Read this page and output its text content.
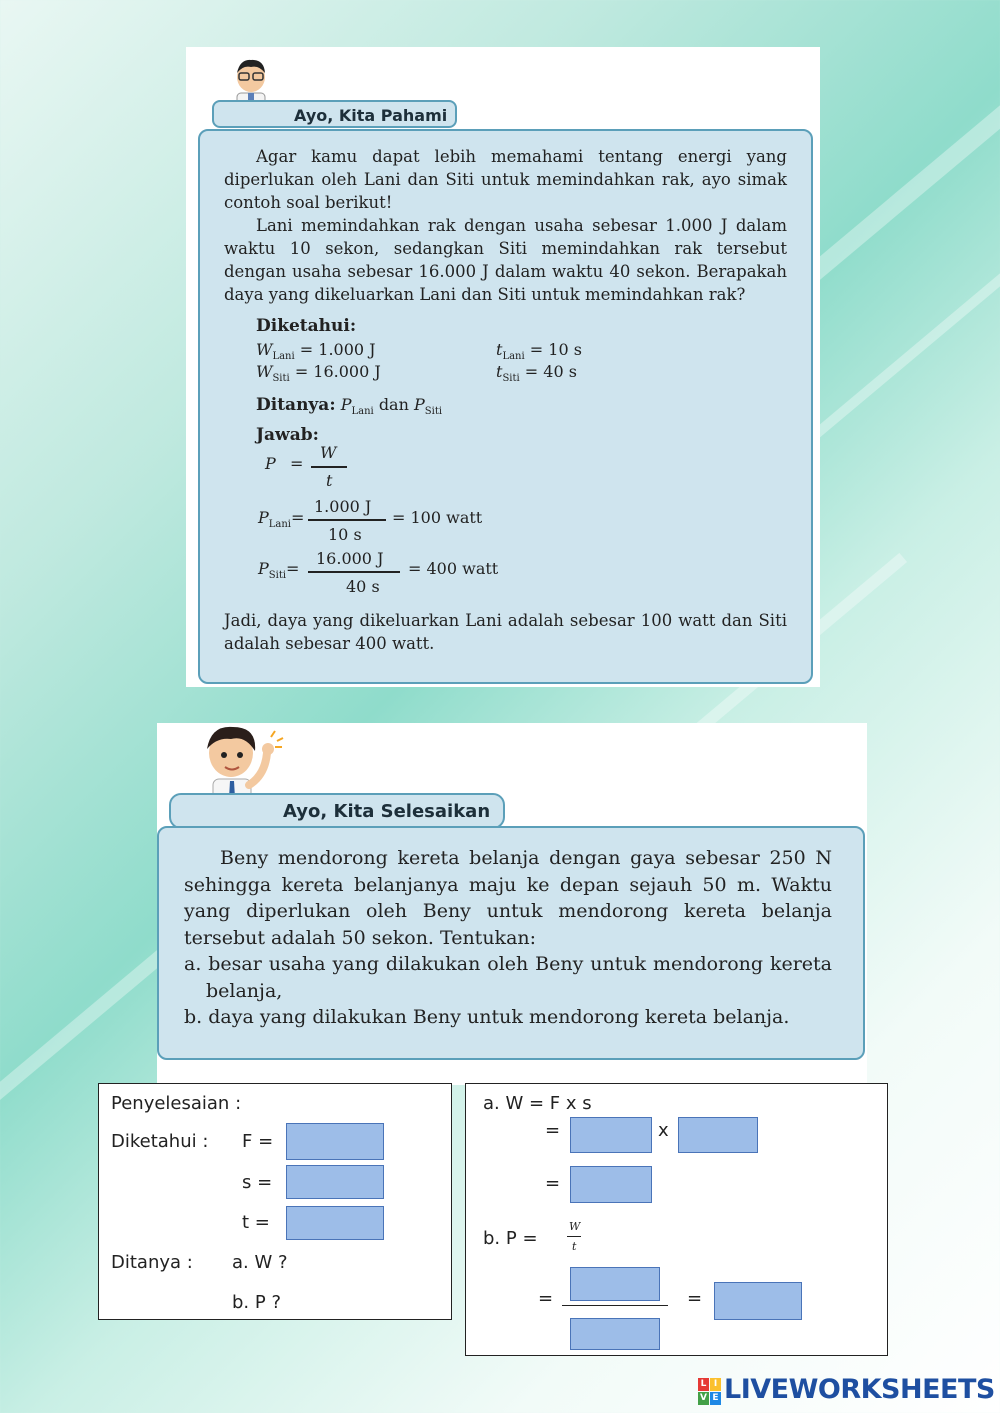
Ayo, Kita Pahami
Agar kamu dapat lebih memahami tentang energi yang diperlukan oleh Lani dan Siti untuk memindahkan rak, ayo simak contoh soal berikut!
Lani memindahkan rak dengan usaha sebesar 1.000 J dalam waktu 10 sekon, sedangkan Siti memindahkan rak tersebut dengan usaha sebesar 16.000 J dalam waktu 40 sekon. Berapakah daya yang dikeluarkan Lani dan Siti untuk memindahkan rak?
Diketahui:
$W_{Lani} = 1.000$ J
$W_{Siti} = 16.000$ J
$t_{Lani} = 10$ s
$t_{Siti} = 40$ s
Ditanya: $P_{Lani}$ dan $P_{Siti}$
Jawab:
P =
W
t
$P_{Lani}=$
1.000 J
10 s
= 100 watt
$P_{Siti}=$
16.000 J
40 s
= 400 watt
Jadi, daya yang dikeluarkan Lani adalah sebesar 100 watt dan Siti adalah sebesar 400 watt.
Ayo, Kita Selesaikan
Beny mendorong kereta belanja dengan gaya sebesar 250 N sehingga kereta belanjanya maju ke depan sejauh 50 m. Waktu yang diperlukan oleh Beny untuk mendorong kereta belanja tersebut adalah 50 sekon. Tentukan:
a. besar usaha yang dilakukan oleh Beny untuk mendorong kereta belanja,
b. daya yang dilakukan Beny untuk mendorong kereta belanja.
Penyelesaian :
Diketahui : F =
s =
t =
Ditanya : a. W ?
b. P ?
a. W = F x s
=	x
=
b. P =
W
t
=	=
L I
V E LIVEWORKSHEETS
